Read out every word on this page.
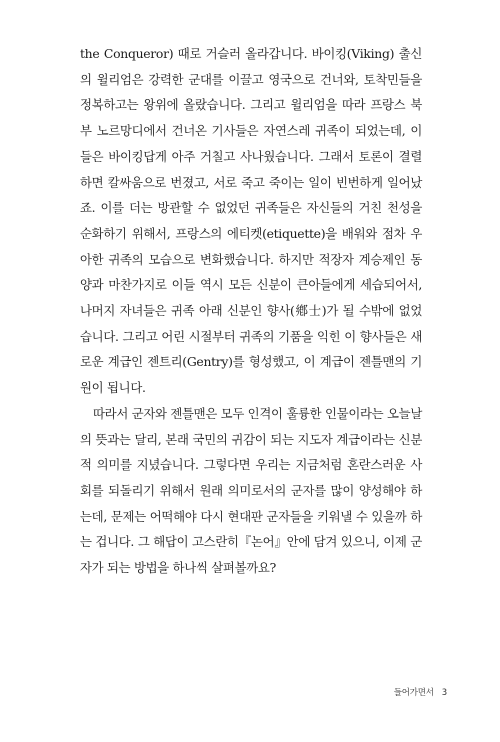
the Conqueror) 때로 거슬러 올라갑니다. 바이킹(Viking) 출신의 윌리엄은 강력한 군대를 이끌고 영국으로 건너와, 토착민들을 정복하고는 왕위에 올랐습니다. 그리고 윌리엄을 따라 프랑스 북부 노르망디에서 건너온 기사들은 자연스레 귀족이 되었는데, 이들은 바이킹답게 아주 거칠고 사나웠습니다. 그래서 토론이 결렬하면 칼싸움으로 번졌고, 서로 죽고 죽이는 일이 빈번하게 일어났죠. 이를 더는 방관할 수 없었던 귀족들은 자신들의 거친 천성을 순화하기 위해서, 프랑스의 에티켓(etiquette)을 배워와 점차 우아한 귀족의 모습으로 변화했습니다. 하지만 적장자 계승제인 동양과 마찬가지로 이들 역시 모든 신분이 큰아들에게 세습되어서, 나머지 자녀들은 귀족 아래 신분인 향사(鄕士)가 될 수밖에 없었습니다. 그리고 어린 시절부터 귀족의 기품을 익힌 이 향사들은 새로운 계급인 젠트리(Gentry)를 형성했고, 이 계급이 젠틀맨의 기원이 됩니다.

따라서 군자와 젠틀맨은 모두 인격이 훌륭한 인물이라는 오늘날의 뜻과는 달리, 본래 국민의 귀감이 되는 지도자 계급이라는 신분적 의미를 지녔습니다. 그렇다면 우리는 지금처럼 혼란스러운 사회를 되돌리기 위해서 원래 의미로서의 군자를 많이 양성해야 하는데, 문제는 어떡해야 다시 현대판 군자들을 키워낼 수 있을까 하는 겁니다. 그 해답이 고스란히『논어』안에 담겨 있으니, 이제 군자가 되는 방법을 하나씩 살펴볼까요?

들어가면서 3
